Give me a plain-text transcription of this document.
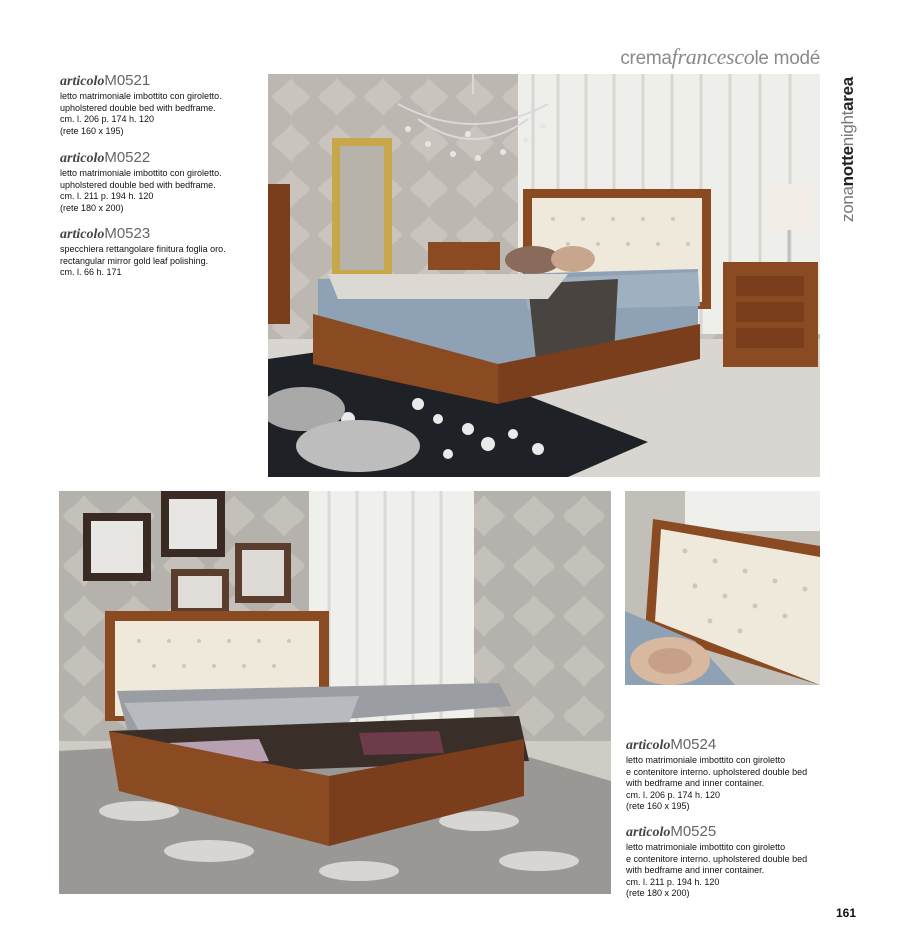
cremafrancescole modé
zonanottenightarea
articoloM0521
letto matrimoniale imbottito con giroletto.
upholstered double bed with bedframe.
cm. l. 206 p. 174 h. 120
(rete 160 x 195)
articoloM0522
letto matrimoniale imbottito con giroletto.
upholstered double bed with bedframe.
cm. l. 211 p. 194 h. 120
(rete 180 x 200)
articoloM0523
specchiera rettangolare finitura foglia oro.
rectangular mirror gold leaf polishing.
cm. l. 66 h. 171
articoloM0524
letto matrimoniale imbottito con giroletto
e contenitore interno. upholstered double bed
with bedframe and inner container.
cm. l. 206 p. 174 h. 120
(rete 160 x 195)
articoloM0525
letto matrimoniale imbottito con giroletto
e contenitore interno. upholstered double bed
with bedframe and inner container.
cm. l. 211 p. 194 h. 120
(rete 180 x 200)
161
